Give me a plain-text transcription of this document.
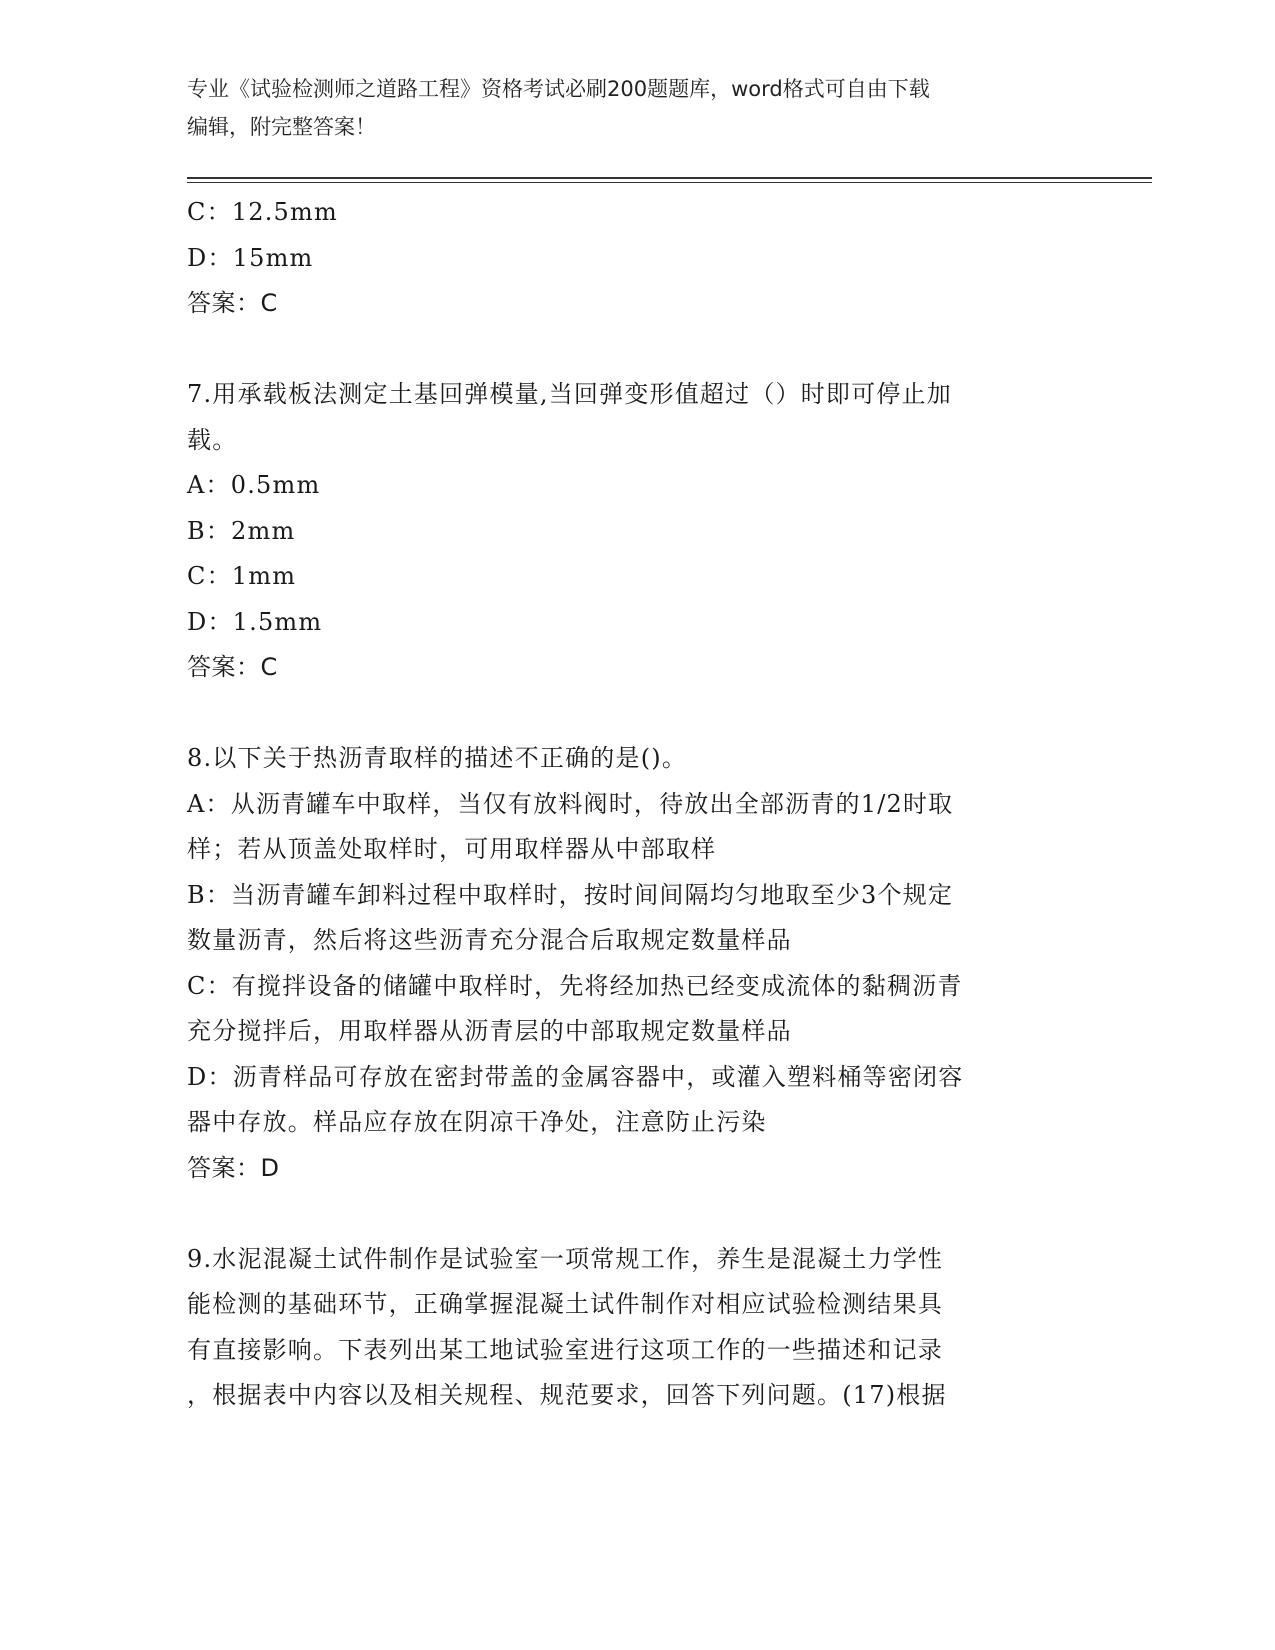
专业《试验检测师之道路工程》资格考试必刷200题题库，word格式可自由下载
编辑，附完整答案！

C：12.5mm

D：15mm

答案：C

7.用承载板法测定土基回弹模量,当回弹变形值超过（）时即可停止加

载。

A：0.5mm

B：2mm

C：1mm

D：1.5mm

答案：C

8.以下关于热沥青取样的描述不正确的是()。

A：从沥青罐车中取样，当仅有放料阀时，待放出全部沥青的1/2时取

样；若从顶盖处取样时，可用取样器从中部取样

B：当沥青罐车卸料过程中取样时，按时间间隔均匀地取至少3个规定

数量沥青，然后将这些沥青充分混合后取规定数量样品

C：有搅拌设备的储罐中取样时，先将经加热已经变成流体的黏稠沥青

充分搅拌后，用取样器从沥青层的中部取规定数量样品

D：沥青样品可存放在密封带盖的金属容器中，或灌入塑料桶等密闭容

器中存放。样品应存放在阴凉干净处，注意防止污染

答案：D

9.水泥混凝土试件制作是试验室一项常规工作，养生是混凝土力学性

能检测的基础环节，正确掌握混凝土试件制作对相应试验检测结果具

有直接影响。下表列出某工地试验室进行这项工作的一些描述和记录

，根据表中内容以及相关规程、规范要求，回答下列问题。(17)根据
